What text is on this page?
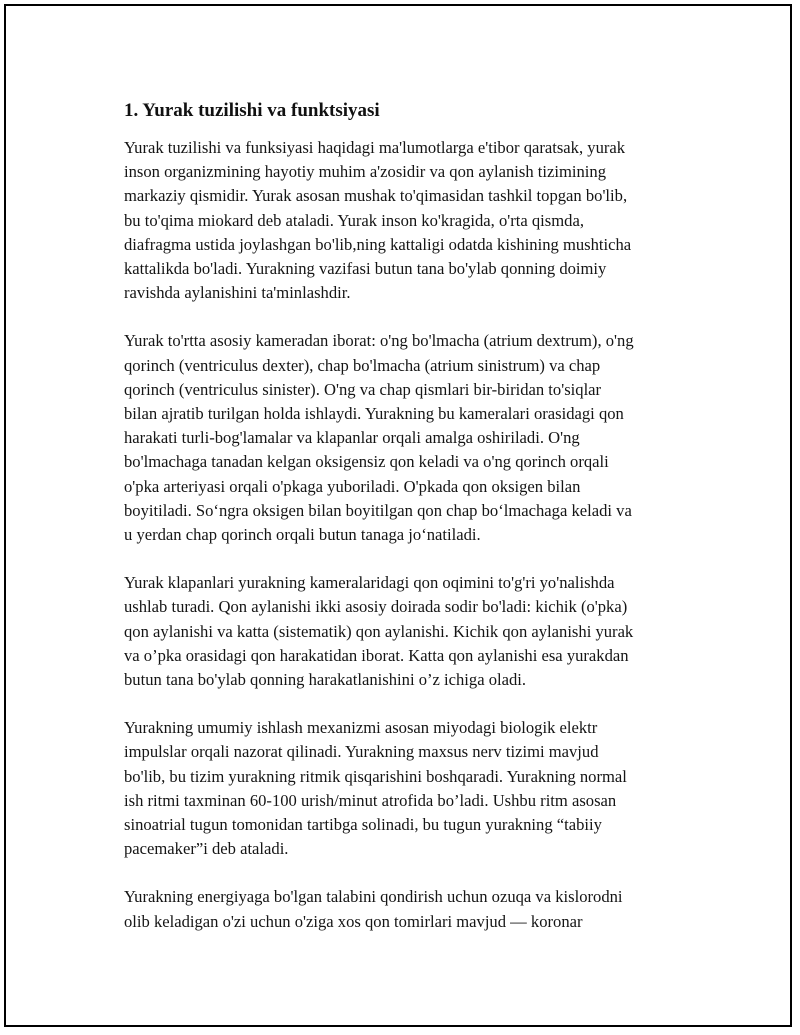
1. Yurak tuzilishi va funktsiyasi

Yurak tuzilishi va funksiyasi haqidagi ma'lumotlarga e'tibor qaratsak, yurak
inson organizmining hayotiy muhim a'zosidir va qon aylanish tizimining
markaziy qismidir. Yurak asosan mushak to'qimasidan tashkil topgan bo'lib,
bu to'qima miokard deb ataladi. Yurak inson ko'kragida, o'rta qismda,
diafragma ustida joylashgan bo'lib,ning kattaligi odatda kishining mushticha
kattalikda bo'ladi. Yurakning vazifasi butun tana bo'ylab qonning doimiy
ravishda aylanishini ta'minlashdir.

Yurak to'rtta asosiy kameradan iborat: o'ng bo'lmacha (atrium dextrum), o'ng
qorinch (ventriculus dexter), chap bo'lmacha (atrium sinistrum) va chap
qorinch (ventriculus sinister). O'ng va chap qismlari bir-biridan to'siqlar
bilan ajratib turilgan holda ishlaydi. Yurakning bu kameralari orasidagi qon
harakati turli-bog'lamalar va klapanlar orqali amalga oshiriladi. O'ng
bo'lmachaga tanadan kelgan oksigensiz qon keladi va o'ng qorinch orqali
o'pka arteriyasi orqali o'pkaga yuboriladi. O'pkada qon oksigen bilan
boyitiladi. So‘ngra oksigen bilan boyitilgan qon chap bo‘lmachaga keladi va
u yerdan chap qorinch orqali butun tanaga jo‘natiladi.

Yurak klapanlari yurakning kameralaridagi qon oqimini to'g'ri yo'nalishda
ushlab turadi. Qon aylanishi ikki asosiy doirada sodir bo'ladi: kichik (o'pka)
qon aylanishi va katta (sistematik) qon aylanishi. Kichik qon aylanishi yurak
va o’pka orasidagi qon harakatidan iborat. Katta qon aylanishi esa yurakdan
butun tana bo'ylab qonning harakatlanishini o’z ichiga oladi.

Yurakning umumiy ishlash mexanizmi asosan miyodagi biologik elektr
impulslar orqali nazorat qilinadi. Yurakning maxsus nerv tizimi mavjud
bo'lib, bu tizim yurakning ritmik qisqarishini boshqaradi. Yurakning normal
ish ritmi taxminan 60-100 urish/minut atrofida bo’ladi. Ushbu ritm asosan
sinoatrial tugun tomonidan tartibga solinadi, bu tugun yurakning “tabiiy
pacemaker”i deb ataladi.

Yurakning energiyaga bo'lgan talabini qondirish uchun ozuqa va kislorodni
olib keladigan o'zi uchun o'ziga xos qon tomirlari mavjud — koronar
